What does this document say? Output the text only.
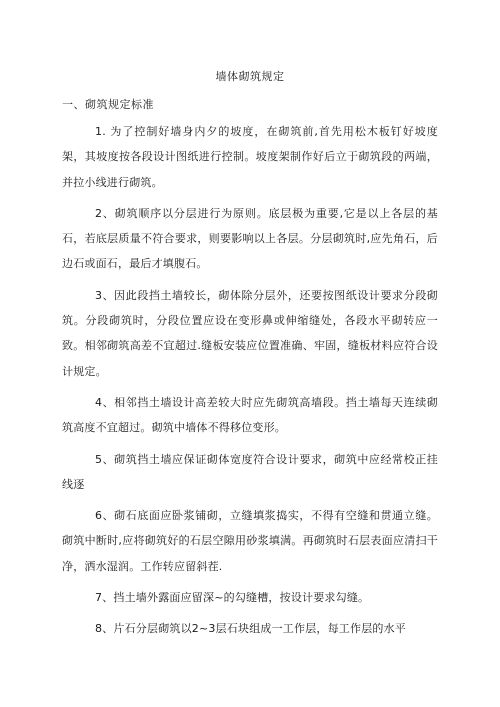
墙体砌筑规定
一、砌筑规定标准

1. 为了控制好墙身内夕的坡度，在砌筑前,首先用松木板钉好坡度架，其坡度按各段设计图纸进行控制。坡度架制作好后立于砌筑段的两端，并拉小线进行砌筑。

2、砌筑顺序以分层进行为原则。底层极为重要,它是以上各层的基石，若底层质量不符合要求，则要影响以上各层。分层砌筑时,应先角石，后边石或面石，最后才填腹石。

3、因此段挡土墙较长，砌体除分层外，还要按图纸设计要求分段砌筑。分段砌筑时，分段位置应设在变形鼻或伸缩缝处，各段水平砌转应一致。相邻砌筑高差不宜超过.缝板安装应位置准确、牢固，缝板材料应符合设计规定。

4、相邻挡土墙设计高差较大时应先砌筑高墙段。挡土墙每天连续砌筑高度不宜超过。砌筑中墙体不得移位变形。

5、砌筑挡土墙应保证砌体宽度符合设计要求，砌筑中应经常校正挂线逐

6、砌石底面应卧浆铺砌，立缝填浆捣实，不得有空缝和贯通立缝。砌筑中断时,应将砌筑好的石层空隙用砂浆填满。再砌筑时石层表面应清扫干净，洒水湿润。工作转应留斜茬.

7、挡土墙外露面应留深~的勾缝槽，按设计要求勾缝。

8、片石分层砌筑以2~3层石块组成一工作层，每工作层的水平
